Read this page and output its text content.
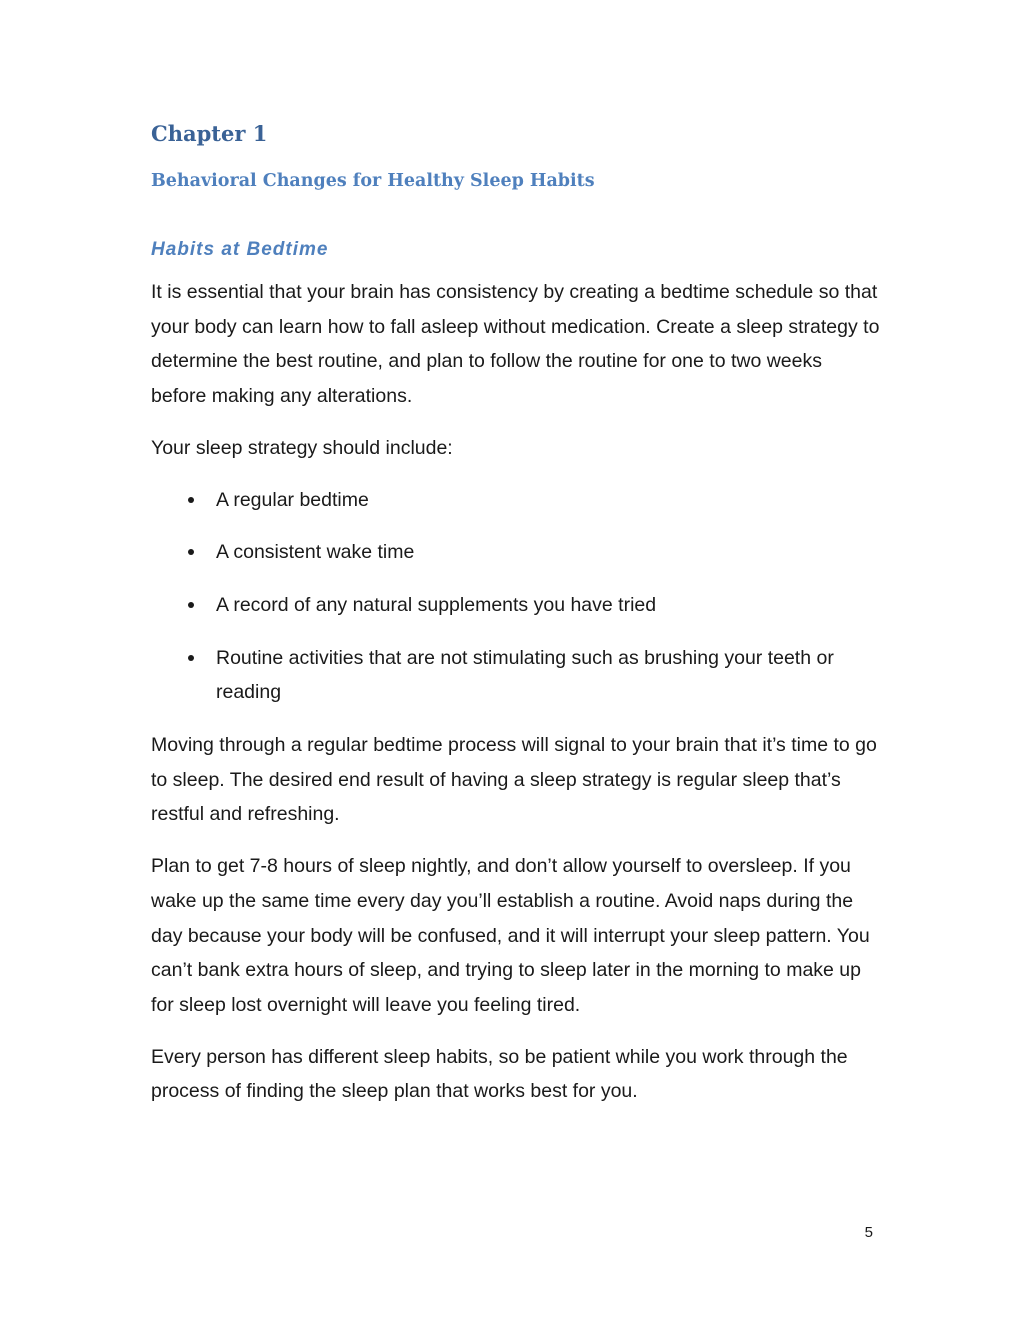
Chapter 1
Behavioral Changes for Healthy Sleep Habits
Habits at Bedtime

It is essential that your brain has consistency by creating a bedtime schedule so that your body can learn how to fall asleep without medication. Create a sleep strategy to determine the best routine, and plan to follow the routine for one to two weeks before making any alterations.

Your sleep strategy should include:

A regular bedtime
A consistent wake time
A record of any natural supplements you have tried
Routine activities that are not stimulating such as brushing your teeth or reading

Moving through a regular bedtime process will signal to your brain that it’s time to go to sleep. The desired end result of having a sleep strategy is regular sleep that’s restful and refreshing.

Plan to get 7-8 hours of sleep nightly, and don’t allow yourself to oversleep. If you wake up the same time every day you’ll establish a routine. Avoid naps during the day because your body will be confused, and it will interrupt your sleep pattern. You can’t bank extra hours of sleep, and trying to sleep later in the morning to make up for sleep lost overnight will leave you feeling tired.

Every person has different sleep habits, so be patient while you work through the process of finding the sleep plan that works best for you.

5
